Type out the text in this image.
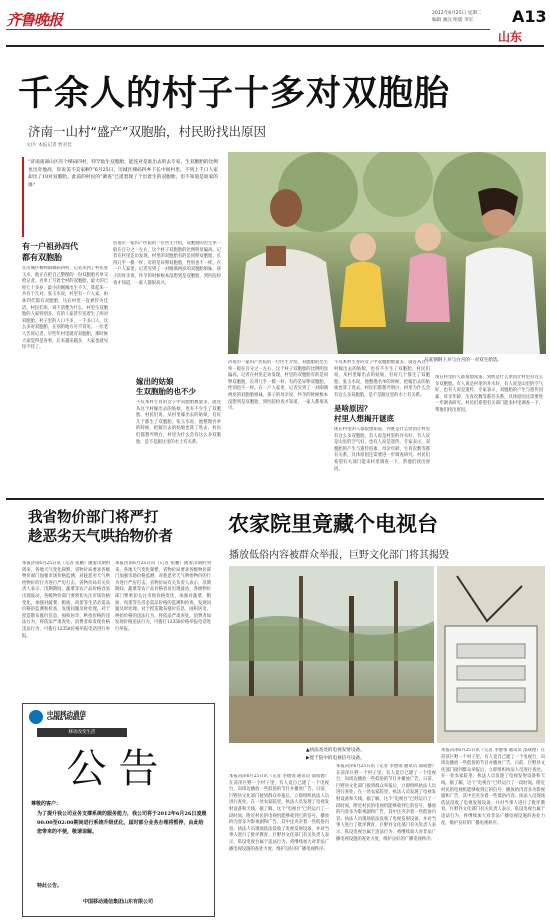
齐鲁晚报	2012年6月25日 星期二
编辑 潘汉 组版 李军 A13
山东
千余人的村子十多对双胞胎
济南一山村“盛产”双胞胎，村民盼找出原因
文/片 本报记者 贾君佳
“济南南部山区有个梯码四村，特罕仙生双胞胎，能连对是谁出去的去专家，生双胞胎的比例也出奇地高，你说美不美家啊?”6月25日，历城区梯码四乡下长中间村里，不到上千口人家却出了10对双胞胎。此前的村民的“调查”已遥着现了个出着生的双胞胎，但不知道是谁家的谁？
开张钢钢王并与白宫的一对双生胎选。
有一户祖孙四代
都有双胞胎
在历城区柳埠镇梯码四村，记者见到了村民张玉水，他正在把自己整理的一份双胞胎名单交给记者。名单上写着全村的双胞胎，最大的已经七十多岁，最小的刚刚出生不久，算起来一共有十几对。张玉水说，村里有一户人家，祖孙四代都有双胞胎，这在村里一直被传为佳话。村民们说，说不清楚为什么，村里生双胞胎的人家特别多，有的人家甚至连着生了两对双胞胎。村子里的人口不多，一千多口人，这么多对双胞胎，在别的地方可不常见。一位老人告诉记者，早些年村里就有双胞胎，那时候大家觉得是喜事，后来越来越多，大家也就见怪不怪了。
济南市一家妇产医院的一位医生介绍，双胞胎的出生率一般在百分之一左右，这个村子双胞胎的比例明显偏高。记者在村里走访发现，村里的双胞胎有的是同卵双胞胎，长得几乎一模一样；有的是异卵双胞胎，性别也不一样。在一户人家里，记者见到了一对刚满两岁的双胞胎姐妹，孩子的母亲说，怀孕的时候根本没想到是双胞胎，到医院检查才知道，一家人都很高兴。
嫁出的姑娘
生双胞胎的也不少
不仅本村生育的女子中双胞胎数量多，就连从这个村嫁出去的姑娘，也有不少生了双胞胎。村民们说，从村里嫁出去的姑娘，有好几个都生了双胞胎。张玉水说，他整理名单的时候，把嫁出去的姑娘也算了进去。村民们都想弄明白，村里为什么会有这么多双胞胎，是不是跟这里的水土有关系。
济南市一家妇产医院的一位医生介绍，双胞胎的出生率一般在百分之一左右，这个村子双胞胎的比例明显偏高。记者在村里走访发现，村里的双胞胎有的是同卵双胞胎，长得几乎一模一样；有的是异卵双胞胎，性别也不一样。在一户人家里，记者见到了一对刚满两岁的双胞胎姐妹，孩子的母亲说，怀孕的时候根本没想到是双胞胎，到医院检查才知道，一家人都很高兴。
不仅本村生育的女子中双胞胎数量多，就连从这个村嫁出去的姑娘，也有不少生了双胞胎。村民们说，从村里嫁出去的姑娘，有好几个都生了双胞胎。张玉水说，他整理名单的时候，把嫁出去的姑娘也算了进去。村民们都想弄明白，村里为什么会有这么多双胞胎，是不是跟这里的水土有关系。
是啥原因？
村里人想揭开谜底
现在村里的人都很想知道，到底是什么原因让村里有这么多双胞胎。有人说是村里的井水好，有人说是山里的空气好，也有人说是遗传。专家表示，双胞胎的产生与遗传因素、母亲年龄、生育次数等都有关系，具体原因还需要进一步调查研究。村民们希望有关部门能来村里调查一下，帮他们找出原因。
现在村里的人都很想知道，到底是什么原因让村里有这么多双胞胎。有人说是村里的井水好，有人说是山里的空气好，也有人说是遗传。专家表示，双胞胎的产生与遗传因素、母亲年龄、生育次数等都有关系，具体原因还需要进一步调查研究。村民们希望有关部门能来村里调查一下，帮他们找出原因。
我省物价部门将严打
趁恶劣天气哄抬物价者
本报济南6月25日讯（记者 张鹏）随着汛期的到来，各地天气变化频繁，省物价局要求各级物价部门加强市场价格监测，对趁恶劣天气哄抬物价的行为进行严厉打击。省物价局有关负责人表示，汛期期间，蔬菜等农产品价格容易出现波动，各级物价部门要密切关注市场价格变化，加强对蔬菜、粮油、肉蛋等生活必需品价格的监测和检查，发现问题及时处理。对于捏造散布涨价信息、囤积居奇、哄抬价格的违法行为，将依法严肃查处。消费者如发现价格违法行为，可拨打12358价格举报电话进行举报。
本报济南6月25日讯（记者 张鹏）随着汛期的到来，各地天气变化频繁，省物价局要求各级物价部门加强市场价格监测，对趁恶劣天气哄抬物价的行为进行严厉打击。省物价局有关负责人表示，汛期期间，蔬菜等农产品价格容易出现波动，各级物价部门要密切关注市场价格变化，加强对蔬菜、粮油、肉蛋等生活必需品价格的监测和检查，发现问题及时处理。对于捏造散布涨价信息、囤积居奇、哄抬价格的违法行为，将依法严肃查处。消费者如发现价格违法行为，可拨打12358价格举报电话进行举报。
中国移动通信
CHINA MOBILE
移动改变生活
公告
尊敬的客户：
为了提升我公司业务支撑系统的服务能力，我公司将于2012年6月26日凌晨00:00至02:00期间进行系统升级优化，届时部分业务办理将暂停，由此给您带来的不便，敬请谅解。
特此公告。
中国移动通信集团山东有限公司
农家院里竟藏个电视台
播放低俗内容被群众举报，巨野文化部门将其揭毁
▲执法查处的电视发射设备。
▶置于院中的电视信号设备。
本报菏泽6月25日讯（记者 李德领 通讯员 邵成德）在菏泽巨野一个村子里，有人竟自己建了一个电视台，向周边播放一些低俗的节目并播放广告。日前，巨野县文化部门接到群众举报后，立即组织执法人员进行查处。在一处农家院里，执法人员发现了电视发射设备和天线。据了解，这个“电视台”已经运行了一段时间，附近村民的电视机能够收到它的信号，播放的内容多为影视剧和广告，其中还夹杂着一些低俗内容。执法人员现场依法没收了电视发射设备，并对当事人进行了批评教育。巨野县文化部门有关负责人表示，私设电视台属于违法行为，将继续加大对非法广播电视设施的查处力度，维护良好的广播电视秩序。
本报菏泽6月25日讯（记者 李德领 通讯员 邵成德）在菏泽巨野一个村子里，有人竟自己建了一个电视台，向周边播放一些低俗的节目并播放广告。日前，巨野县文化部门接到群众举报后，立即组织执法人员进行查处。在一处农家院里，执法人员发现了电视发射设备和天线。据了解，这个“电视台”已经运行了一段时间，附近村民的电视机能够收到它的信号，播放的内容多为影视剧和广告，其中还夹杂着一些低俗内容。执法人员现场依法没收了电视发射设备，并对当事人进行了批评教育。巨野县文化部门有关负责人表示，私设电视台属于违法行为，将继续加大对非法广播电视设施的查处力度，维护良好的广播电视秩序。
本报菏泽6月25日讯（记者 李德领 通讯员 邵成德）在菏泽巨野一个村子里，有人竟自己建了一个电视台，向周边播放一些低俗的节目并播放广告。日前，巨野县文化部门接到群众举报后，立即组织执法人员进行查处。在一处农家院里，执法人员发现了电视发射设备和天线。据了解，这个“电视台”已经运行了一段时间，附近村民的电视机能够收到它的信号，播放的内容多为影视剧和广告，其中还夹杂着一些低俗内容。执法人员现场依法没收了电视发射设备，并对当事人进行了批评教育。巨野县文化部门有关负责人表示，私设电视台属于违法行为，将继续加大对非法广播电视设施的查处力度，维护良好的广播电视秩序。
